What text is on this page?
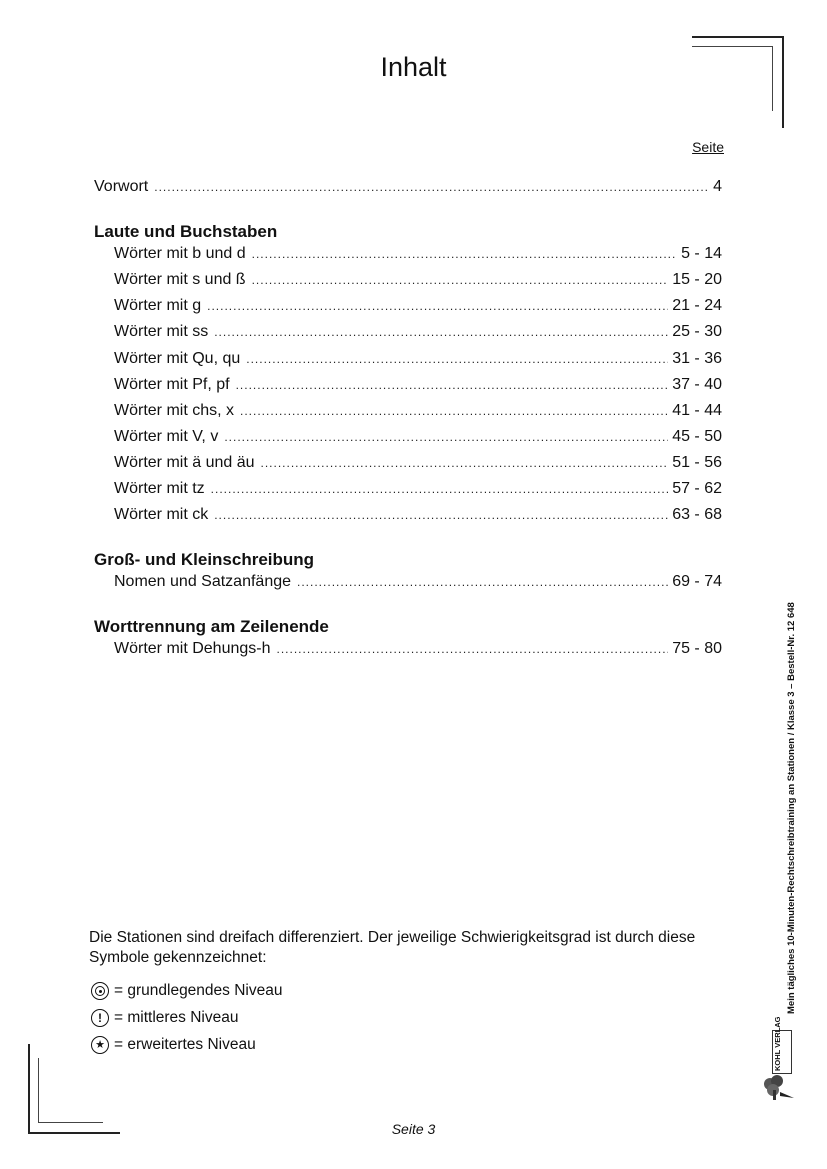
Inhalt
Seite
Vorwort .....	4
Laute und Buchstaben
Wörter mit b und d .....	5 - 14
Wörter mit s und ß .....	15 - 20
Wörter mit g .....	21 - 24
Wörter mit ss .....	25 - 30
Wörter mit Qu, qu .....	31 - 36
Wörter mit Pf, pf .....	37 - 40
Wörter mit chs, x .....	41 - 44
Wörter mit V, v .....	45 - 50
Wörter mit ä und äu .....	51 - 56
Wörter mit tz .....	57 - 62
Wörter mit ck .....	63 - 68
Groß- und Kleinschreibung
Nomen und Satzanfänge .....	69 - 74
Worttrennung am Zeilenende
Wörter mit Dehungs-h .....	75 - 80
Die Stationen sind dreifach differenziert. Der jeweilige Schwierigkeitsgrad ist durch diese Symbole gekennzeichnet:
= grundlegendes Niveau
! = mittleres Niveau
★ = erweitertes Niveau
Mein tägliches 10-Minuten-Rechtschreibtraining an Stationen / Klasse 3 – Bestell-Nr. 12 648
KOHL VERLAG
Seite 3
